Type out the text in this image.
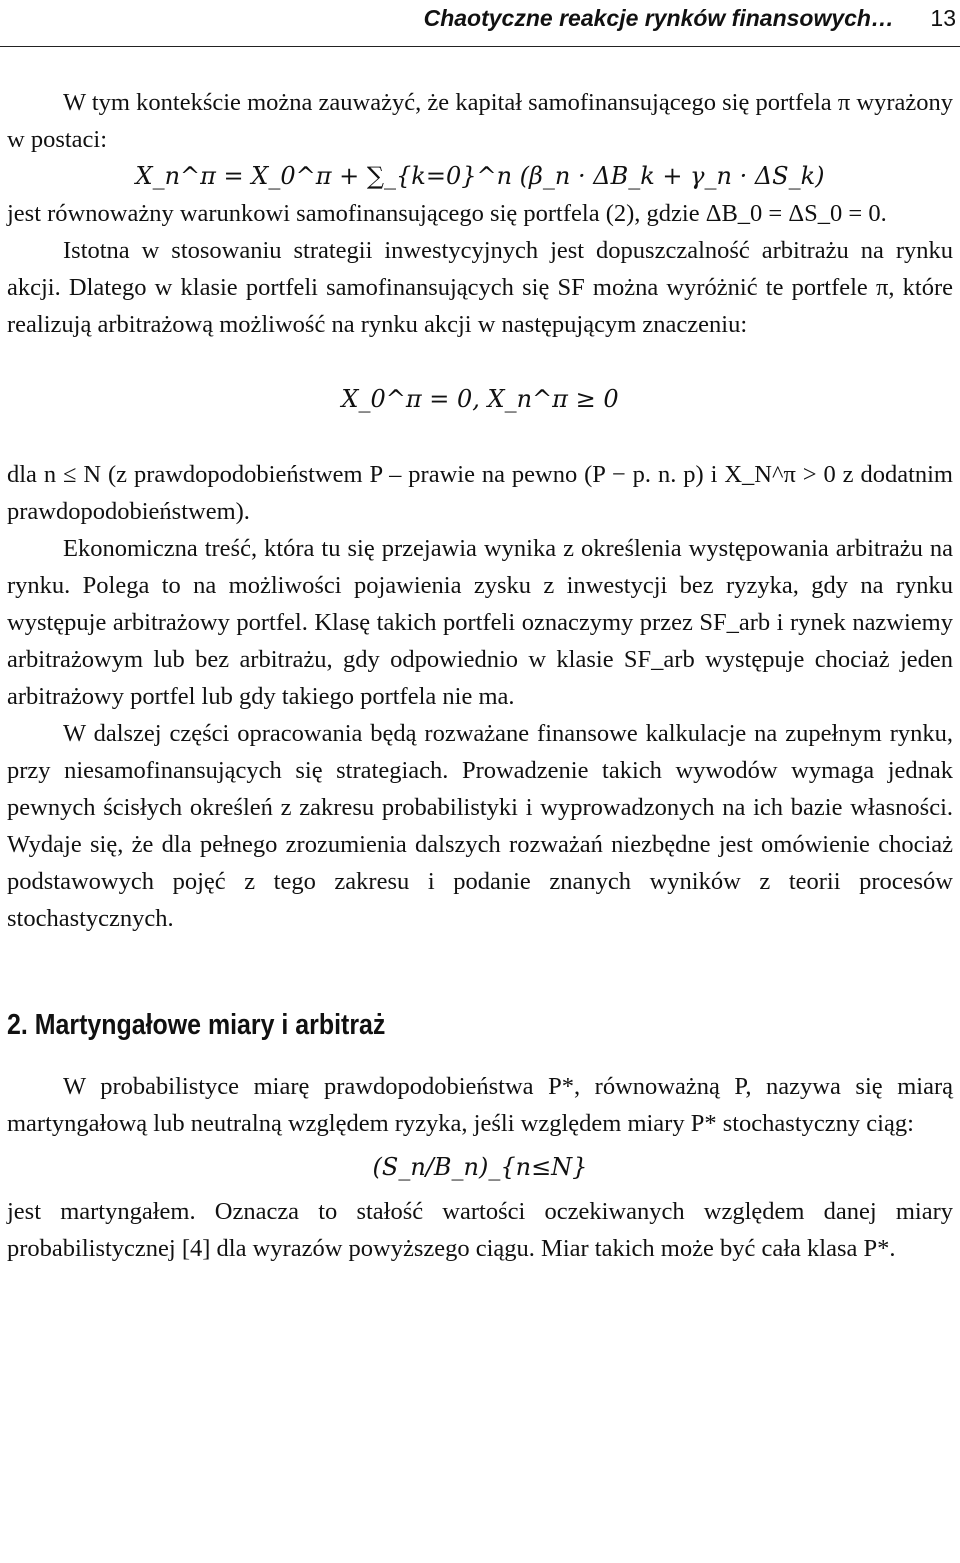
Chaotyczne reakcje rynków finansowych… 13

W tym kontekście można zauważyć, że kapitał samofinansującego się portfela π wyrażony w postaci:

X_n^π = X_0^π + ∑_{k=0}^n (β_n · ΔB_k + γ_n · ΔS_k)

jest równoważny warunkowi samofinansującego się portfela (2), gdzie ΔB_0 = ΔS_0 = 0.

Istotna w stosowaniu strategii inwestycyjnych jest dopuszczalność arbitrażu na rynku akcji. Dlatego w klasie portfeli samofinansujących się SF można wyróżnić te portfele π, które realizują arbitrażową możliwość na rynku akcji w następującym znaczeniu:

X_0^π = 0, X_n^π ≥ 0

dla n ≤ N (z prawdopodobieństwem P – prawie na pewno (P − p. n. p) i X_N^π > 0 z dodatnim prawdopodobieństwem).

Ekonomiczna treść, która tu się przejawia wynika z określenia występowania arbitrażu na rynku. Polega to na możliwości pojawienia zysku z inwestycji bez ryzyka, gdy na rynku występuje arbitrażowy portfel. Klasę takich portfeli oznaczymy przez SF_arb i rynek nazwiemy arbitrażowym lub bez arbitrażu, gdy odpowiednio w klasie SF_arb występuje chociaż jeden arbitrażowy portfel lub gdy takiego portfela nie ma.

W dalszej części opracowania będą rozważane finansowe kalkulacje na zupełnym rynku, przy niesamofinansujących się strategiach. Prowadzenie takich wywodów wymaga jednak pewnych ścisłych określeń z zakresu probabilistyki i wyprowadzonych na ich bazie własności. Wydaje się, że dla pełnego zrozumienia dalszych rozważań niezbędne jest omówienie chociaż podstawowych pojęć z tego zakresu i podanie znanych wyników z teorii procesów stochastycznych.

2. Martyngałowe miary i arbitraż

W probabilistyce miarę prawdopodobieństwa P*, równoważną P, nazywa się miarą martyngałową lub neutralną względem ryzyka, jeśli względem miary P* stochastyczny ciąg:

(S_n/B_n)_{n≤N}

jest martyngałem. Oznacza to stałość wartości oczekiwanych względem danej miary probabilistycznej [4] dla wyrazów powyższego ciągu. Miar takich może być cała klasa P*.
